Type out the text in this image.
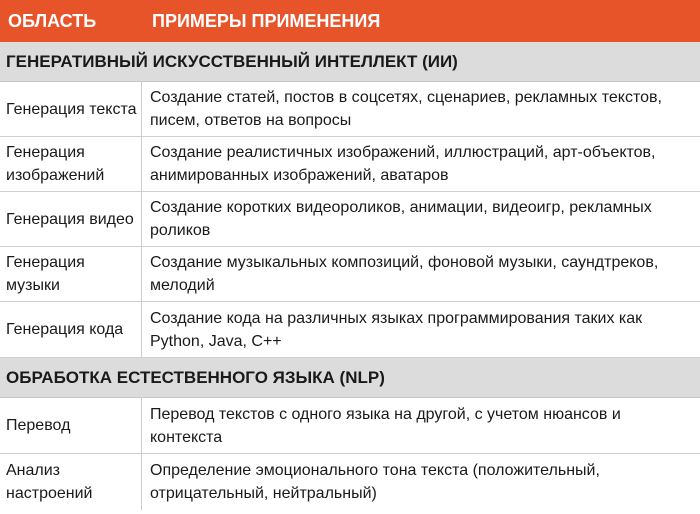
ОБЛАСТЬ	ПРИМЕРЫ ПРИМЕНЕНИЯ
ГЕНЕРАТИВНЫЙ ИСКУССТВЕННЫЙ ИНТЕЛЛЕКТ (ИИ)
Генерация текста
Создание статей, постов в соцсетях, сценариев, рекламных текстов, писем, ответов на вопросы
Генерация изображений
Создание реалистичных изображений, иллюстраций, арт-объектов, анимированных изображений, аватаров
Генерация видео
Создание коротких видеороликов, анимации, видеоигр, рекламных роликов
Генерация музыки
Создание музыкальных композиций, фоновой музыки, саундтреков, мелодий
Генерация кода
Создание кода на различных языках программирования таких как Python, Java, C++
ОБРАБОТКА ЕСТЕСТВЕННОГО ЯЗЫКА (NLP)
Перевод
Перевод текстов с одного языка на другой, с учетом нюансов и контекста
Анализ настроений
Определение эмоционального тона текста (положительный, отрицательный, нейтральный)
